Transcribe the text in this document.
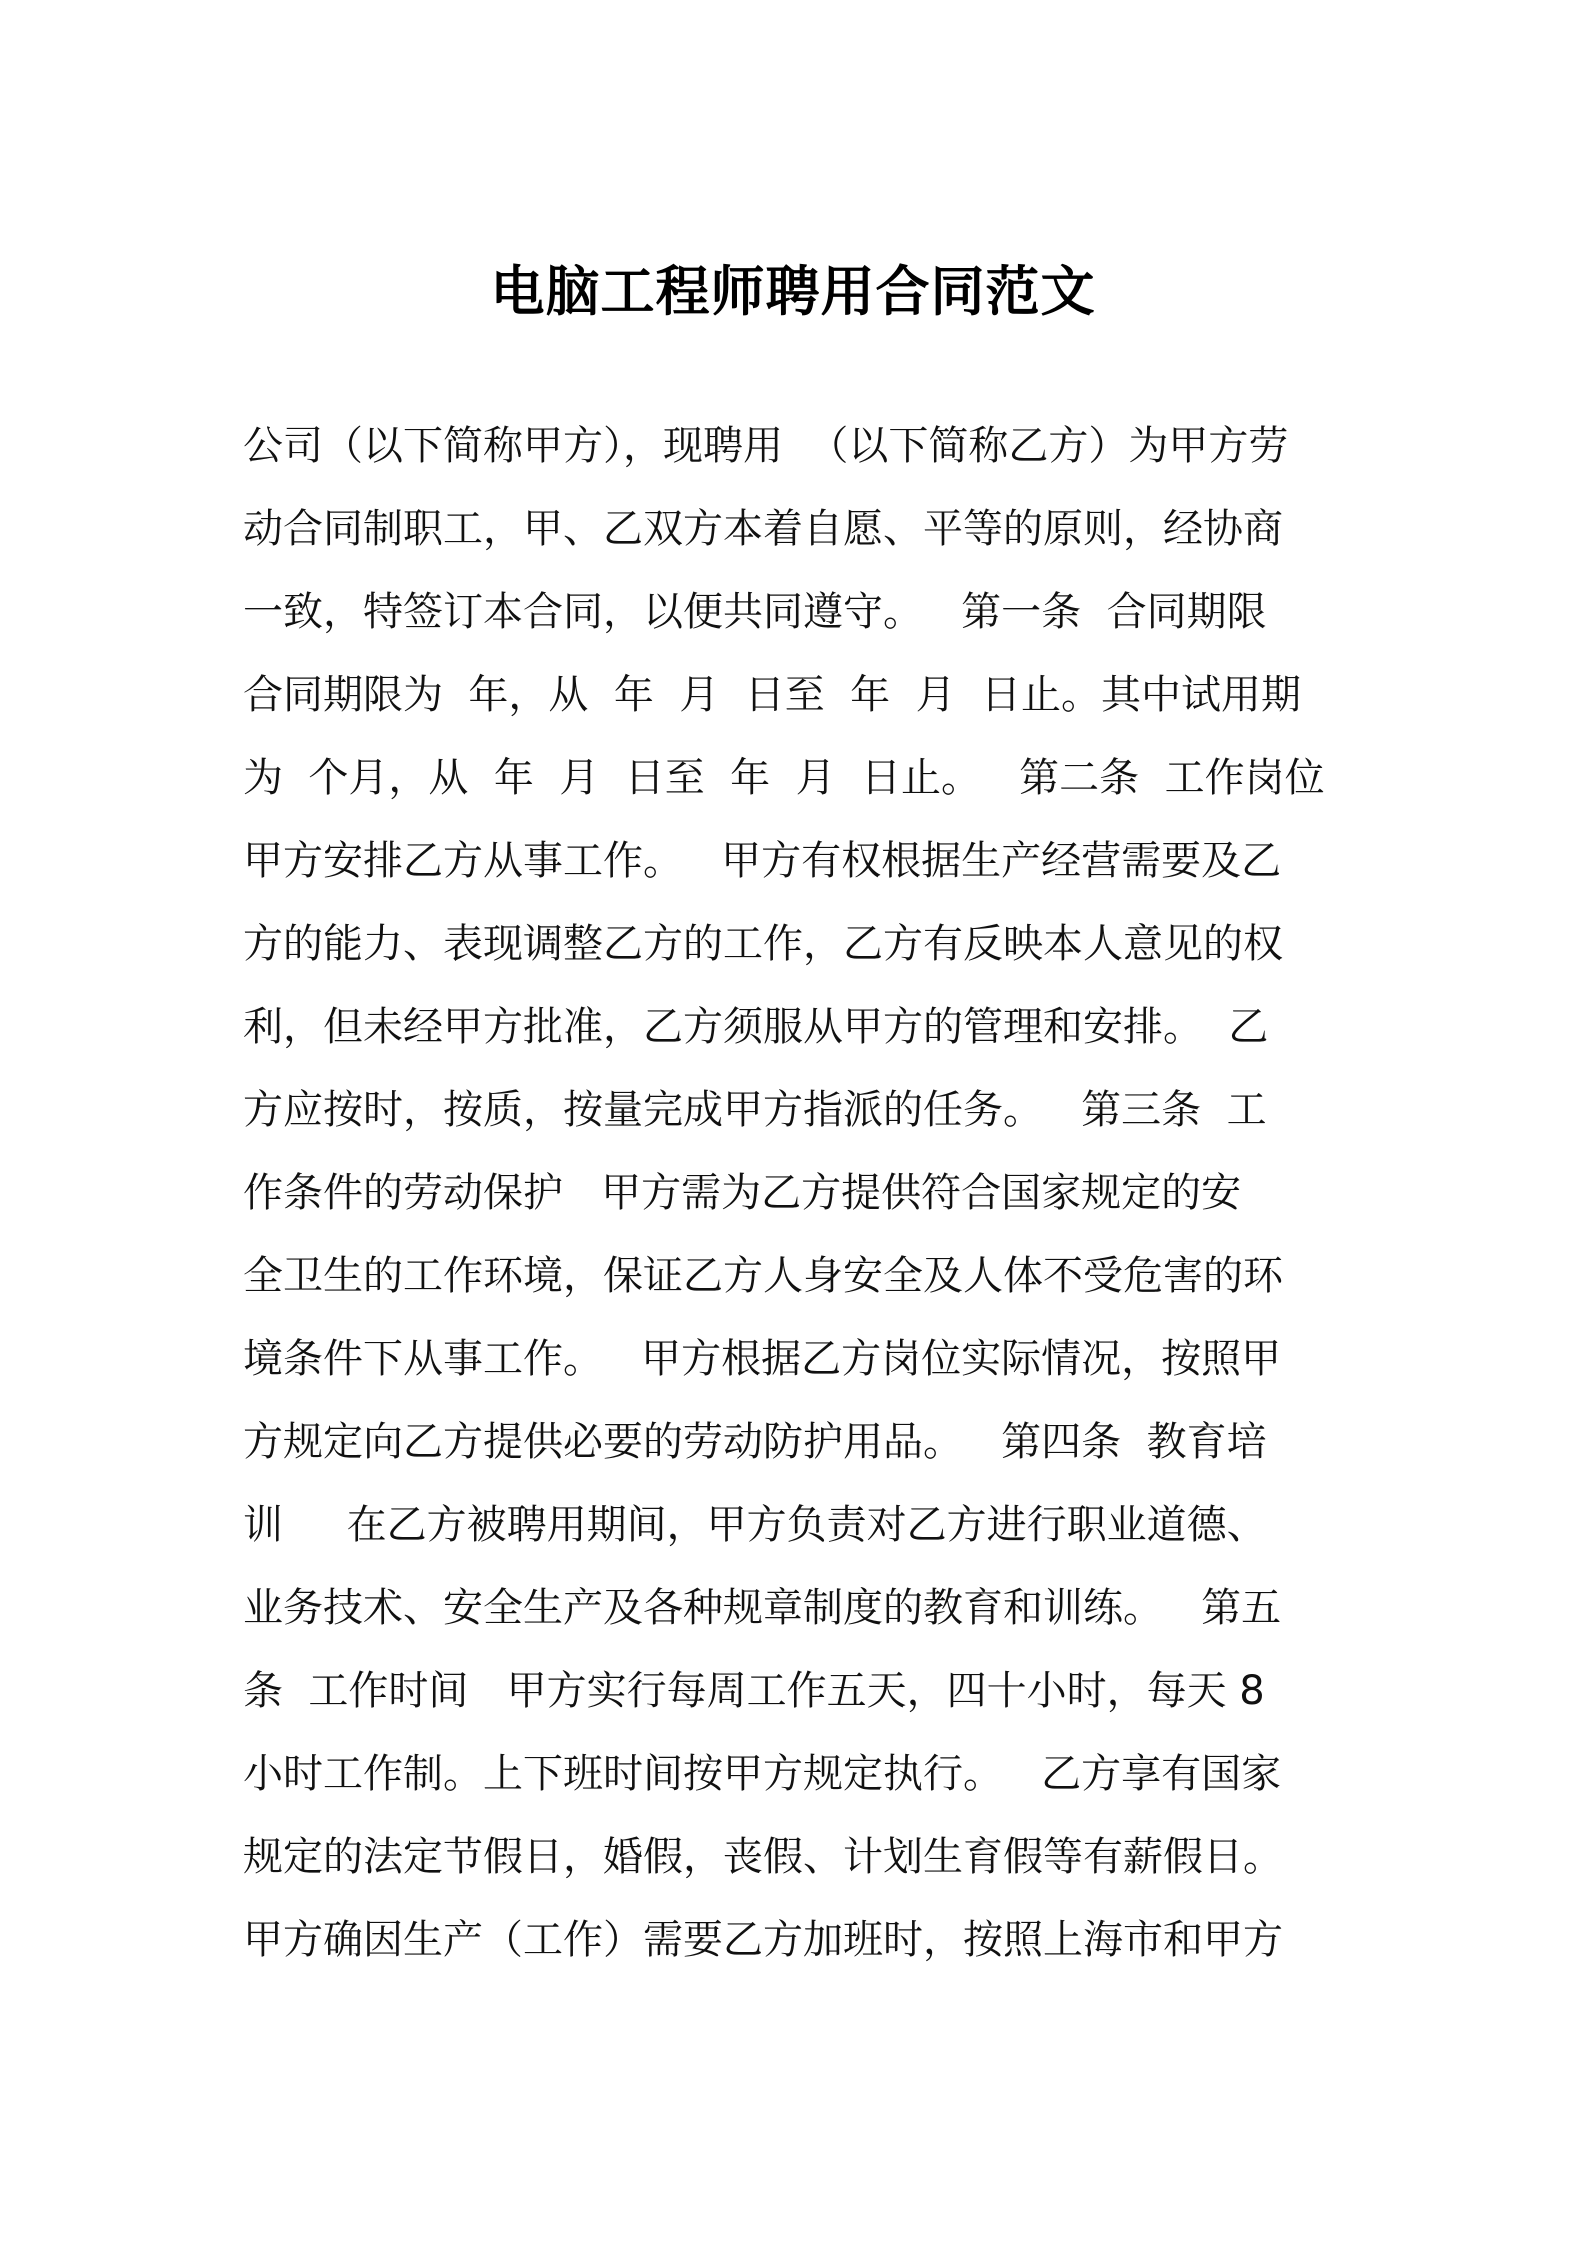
电脑工程师聘用合同范文
公司（以下简称甲方），现聘用  （以下简称乙方）为甲方劳
动合同制职工，甲、乙双方本着自愿、平等的原则，经协商
一致，特签订本合同，以便共同遵守。   第一条  合同期限
合同期限为  年，从  年  月  日至  年  月  日止。其中试用期
为  个月，从  年  月  日至  年  月  日止。   第二条  工作岗位
甲方安排乙方从事工作。   甲方有权根据生产经营需要及乙
方的能力、表现调整乙方的工作，乙方有反映本人意见的权
利，但未经甲方批准，乙方须服从甲方的管理和安排。  乙
方应按时，按质，按量完成甲方指派的任务。   第三条  工
作条件的劳动保护   甲方需为乙方提供符合国家规定的安
全卫生的工作环境，保证乙方人身安全及人体不受危害的环
境条件下从事工作。   甲方根据乙方岗位实际情况，按照甲
方规定向乙方提供必要的劳动防护用品。   第四条  教育培
训     在乙方被聘用期间，甲方负责对乙方进行职业道德、
业务技术、安全生产及各种规章制度的教育和训练。   第五
条  工作时间   甲方实行每周工作五天，四十小时，每天 8
小时工作制。上下班时间按甲方规定执行。   乙方享有国家
规定的法定节假日，婚假，丧假、计划生育假等有薪假日。
甲方确因生产（工作）需要乙方加班时，按照上海市和甲方
